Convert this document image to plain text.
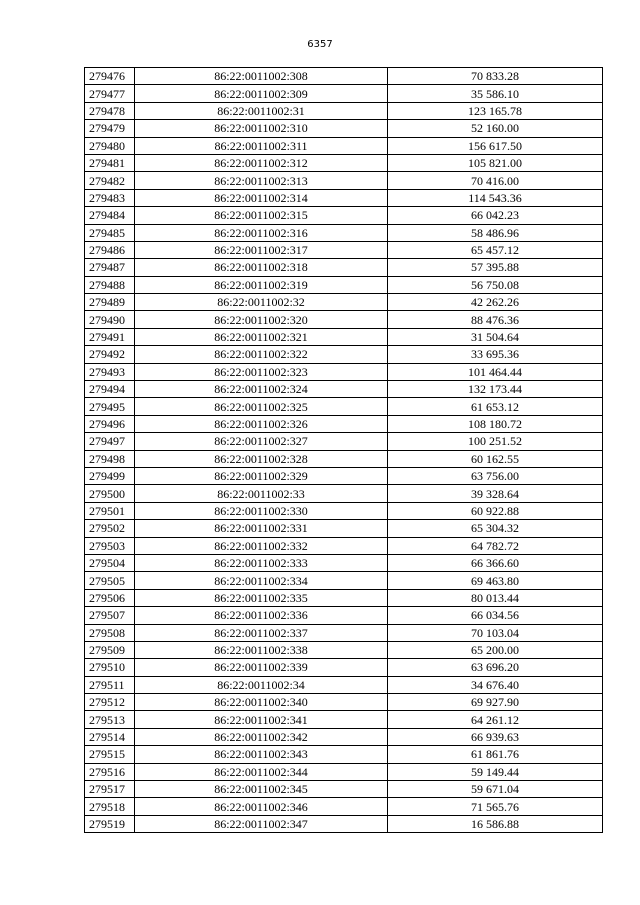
6357
279476	86:22:0011002:308	70 833.28
279477	86:22:0011002:309	35 586.10
279478	86:22:0011002:31	123 165.78
279479	86:22:0011002:310	52 160.00
279480	86:22:0011002:311	156 617.50
279481	86:22:0011002:312	105 821.00
279482	86:22:0011002:313	70 416.00
279483	86:22:0011002:314	114 543.36
279484	86:22:0011002:315	66 042.23
279485	86:22:0011002:316	58 486.96
279486	86:22:0011002:317	65 457.12
279487	86:22:0011002:318	57 395.88
279488	86:22:0011002:319	56 750.08
279489	86:22:0011002:32	42 262.26
279490	86:22:0011002:320	88 476.36
279491	86:22:0011002:321	31 504.64
279492	86:22:0011002:322	33 695.36
279493	86:22:0011002:323	101 464.44
279494	86:22:0011002:324	132 173.44
279495	86:22:0011002:325	61 653.12
279496	86:22:0011002:326	108 180.72
279497	86:22:0011002:327	100 251.52
279498	86:22:0011002:328	60 162.55
279499	86:22:0011002:329	63 756.00
279500	86:22:0011002:33	39 328.64
279501	86:22:0011002:330	60 922.88
279502	86:22:0011002:331	65 304.32
279503	86:22:0011002:332	64 782.72
279504	86:22:0011002:333	66 366.60
279505	86:22:0011002:334	69 463.80
279506	86:22:0011002:335	80 013.44
279507	86:22:0011002:336	66 034.56
279508	86:22:0011002:337	70 103.04
279509	86:22:0011002:338	65 200.00
279510	86:22:0011002:339	63 696.20
279511	86:22:0011002:34	34 676.40
279512	86:22:0011002:340	69 927.90
279513	86:22:0011002:341	64 261.12
279514	86:22:0011002:342	66 939.63
279515	86:22:0011002:343	61 861.76
279516	86:22:0011002:344	59 149.44
279517	86:22:0011002:345	59 671.04
279518	86:22:0011002:346	71 565.76
279519	86:22:0011002:347	16 586.88
